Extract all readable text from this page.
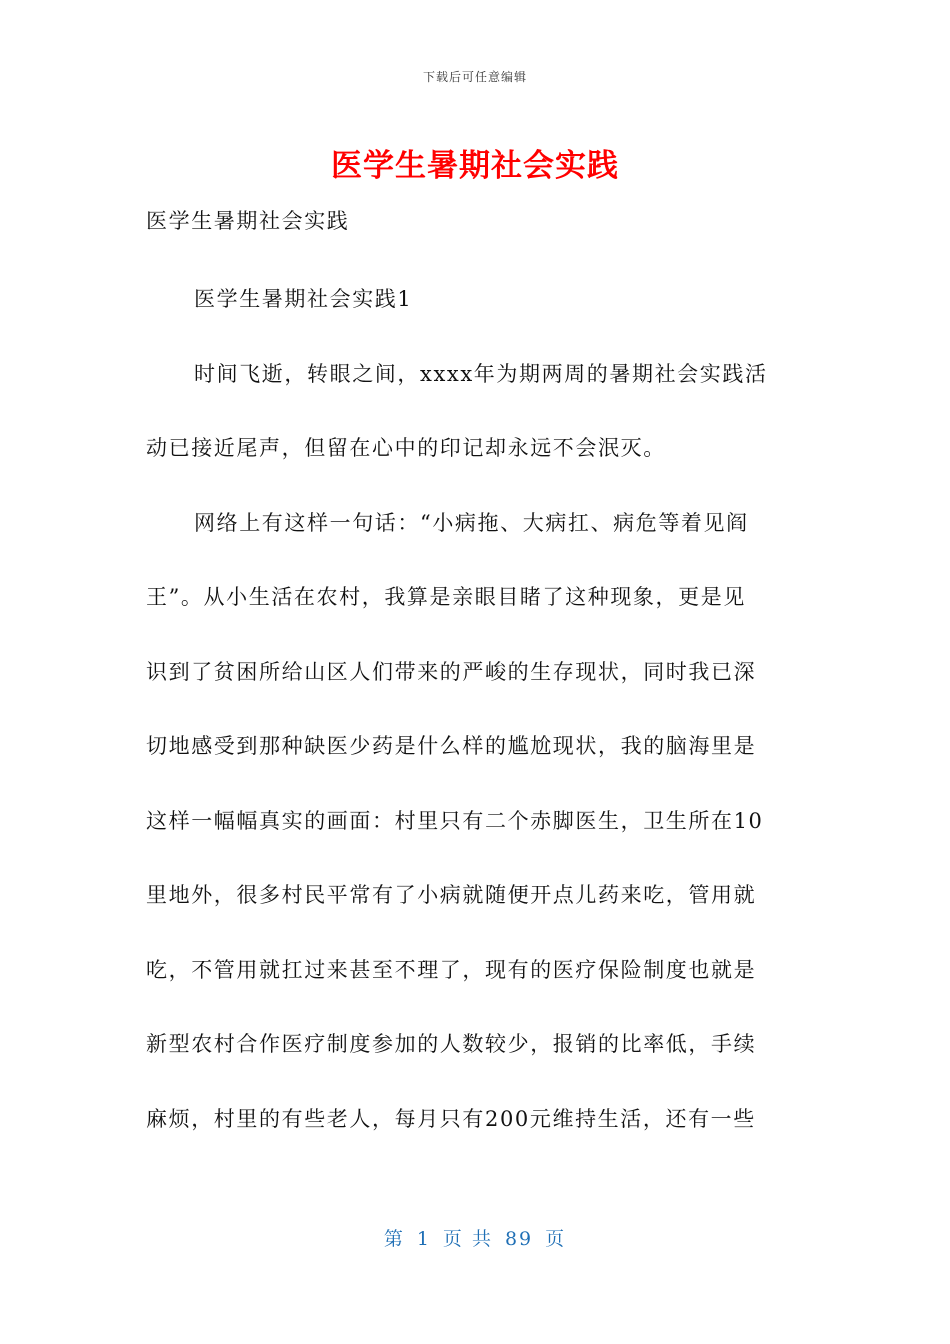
下载后可任意编辑
医学生暑期社会实践
医学生暑期社会实践
医学生暑期社会实践1
时间飞逝，转眼之间，xxxx年为期两周的暑期社会实践活
动已接近尾声，但留在心中的印记却永远不会泯灭。
网络上有这样一句话：“小病拖、大病扛、病危等着见阎
王”。从小生活在农村，我算是亲眼目睹了这种现象，更是见
识到了贫困所给山区人们带来的严峻的生存现状，同时我已深
切地感受到那种缺医少药是什么样的尴尬现状，我的脑海里是
这样一幅幅真实的画面：村里只有二个赤脚医生，卫生所在10
里地外，很多村民平常有了小病就随便开点儿药来吃，管用就
吃，不管用就扛过来甚至不理了，现有的医疗保险制度也就是
新型农村合作医疗制度参加的人数较少，报销的比率低，手续
麻烦，村里的有些老人，每月只有200元维持生活，还有一些
第 1 页 共 89 页
